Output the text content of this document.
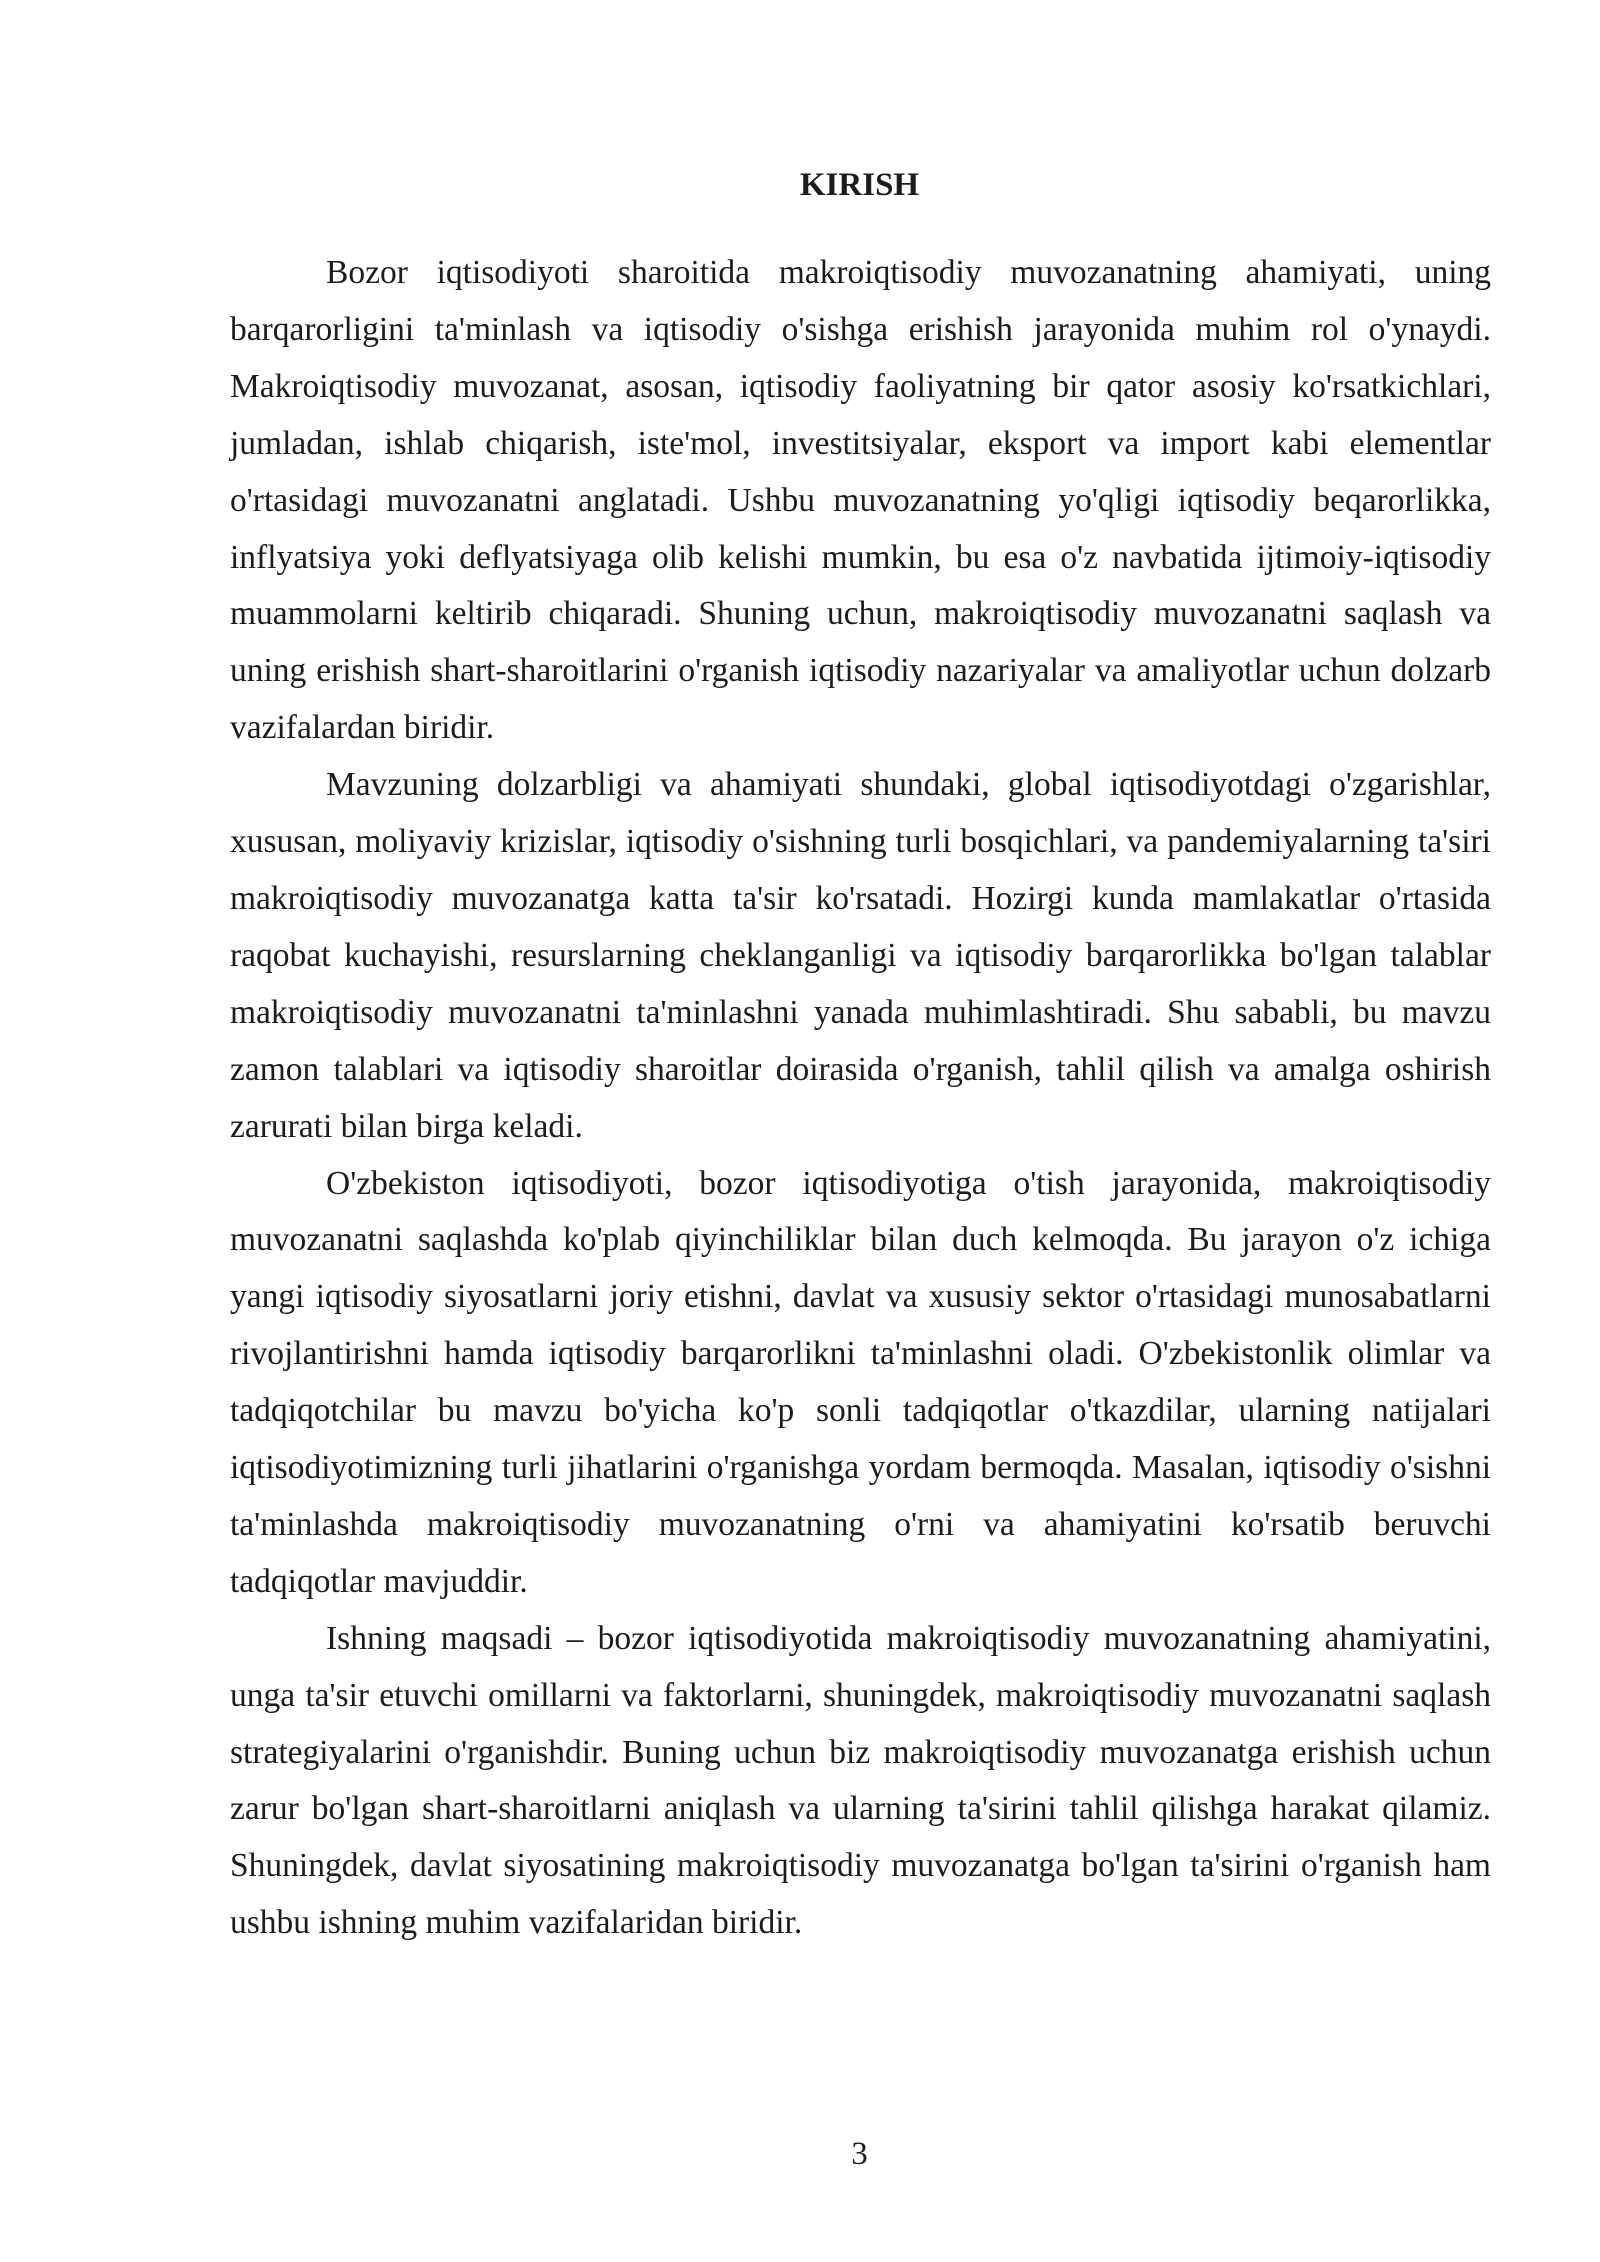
KIRISH

Bozor iqtisodiyoti sharoitida makroiqtisodiy muvozanatning ahamiyati, uning barqarorligini ta'minlash va iqtisodiy o'sishga erishish jarayonida muhim rol o'ynaydi. Makroiqtisodiy muvozanat, asosan, iqtisodiy faoliyatning bir qator asosiy ko'rsatkichlari, jumladan, ishlab chiqarish, iste'mol, investitsiyalar, eksport va import kabi elementlar o'rtasidagi muvozanatni anglatadi. Ushbu muvozanatning yo'qligi iqtisodiy beqarorlikka, inflyatsiya yoki deflyatsiyaga olib kelishi mumkin, bu esa o'z navbatida ijtimoiy-iqtisodiy muammolarni keltirib chiqaradi. Shuning uchun, makroiqtisodiy muvozanatni saqlash va uning erishish shart-sharoitlarini o'rganish iqtisodiy nazariyalar va amaliyotlar uchun dolzarb vazifalardan biridir.

Mavzuning dolzarbligi va ahamiyati shundaki, global iqtisodiyotdagi o'zgarishlar, xususan, moliyaviy krizislar, iqtisodiy o'sishning turli bosqichlari, va pandemiyalarning ta'siri makroiqtisodiy muvozanatga katta ta'sir ko'rsatadi. Hozirgi kunda mamlakatlar o'rtasida raqobat kuchayishi, resurslarning cheklanganligi va iqtisodiy barqarorlikka bo'lgan talablar makroiqtisodiy muvozanatni ta'minlashni yanada muhimlashtiradi. Shu sababli, bu mavzu zamon talablari va iqtisodiy sharoitlar doirasida o'rganish, tahlil qilish va amalga oshirish zarurati bilan birga keladi.

O'zbekiston iqtisodiyoti, bozor iqtisodiyotiga o'tish jarayonida, makroiqtisodiy muvozanatni saqlashda ko'plab qiyinchiliklar bilan duch kelmoqda. Bu jarayon o'z ichiga yangi iqtisodiy siyosatlarni joriy etishni, davlat va xususiy sektor o'rtasidagi munosabatlarni rivojlantirishni hamda iqtisodiy barqarorlikni ta'minlashni oladi. O'zbekistonlik olimlar va tadqiqotchilar bu mavzu bo'yicha ko'p sonli tadqiqotlar o'tkazdilar, ularning natijalari iqtisodiyotimizning turli jihatlarini o'rganishga yordam bermoqda. Masalan, iqtisodiy o'sishni ta'minlashda makroiqtisodiy muvozanatning o'rni va ahamiyatini ko'rsatib beruvchi tadqiqotlar mavjuddir.

Ishning maqsadi – bozor iqtisodiyotida makroiqtisodiy muvozanatning ahamiyatini, unga ta'sir etuvchi omillarni va faktorlarni, shuningdek, makroiqtisodiy muvozanatni saqlash strategiyalarini o'rganishdir. Buning uchun biz makroiqtisodiy muvozanatga erishish uchun zarur bo'lgan shart-sharoitlarni aniqlash va ularning ta'sirini tahlil qilishga harakat qilamiz. Shuningdek, davlat siyosatining makroiqtisodiy muvozanatga bo'lgan ta'sirini o'rganish ham ushbu ishning muhim vazifalaridan biridir.

3
